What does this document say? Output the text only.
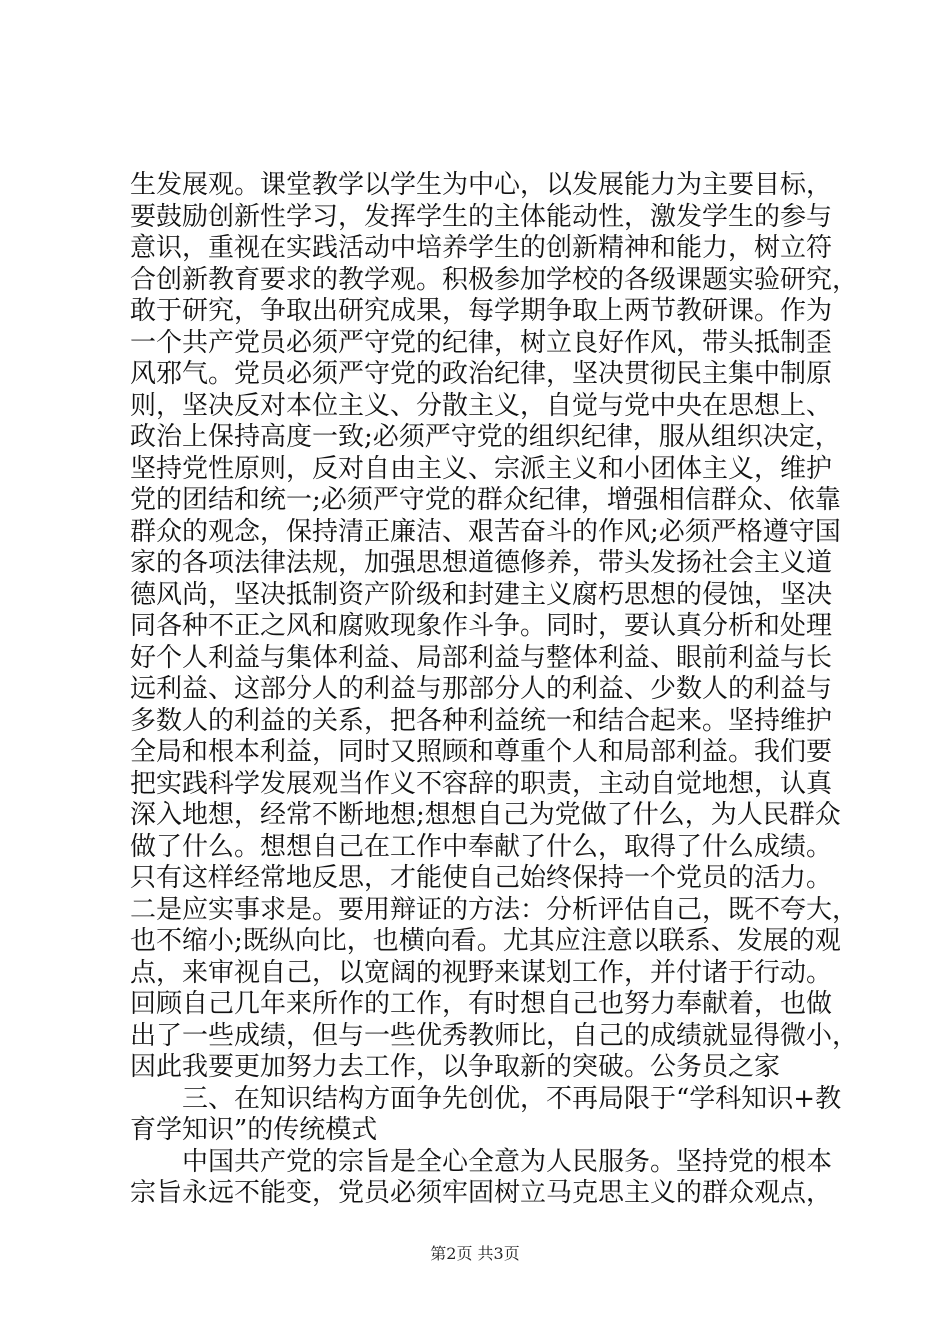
生发展观。课堂教学以学生为中心，以发展能力为主要目标，
要鼓励创新性学习，发挥学生的主体能动性，激发学生的参与
意识，重视在实践活动中培养学生的创新精神和能力，树立符
合创新教育要求的教学观。积极参加学校的各级课题实验研究，
敢于研究，争取出研究成果，每学期争取上两节教研课。作为
一个共产党员必须严守党的纪律，树立良好作风，带头抵制歪
风邪气。党员必须严守党的政治纪律，坚决贯彻民主集中制原
则，坚决反对本位主义、分散主义，自觉与党中央在思想上、
政治上保持高度一致;必须严守党的组织纪律，服从组织决定，
坚持党性原则，反对自由主义、宗派主义和小团体主义，维护
党的团结和统一;必须严守党的群众纪律，增强相信群众、依靠
群众的观念，保持清正廉洁、艰苦奋斗的作风;必须严格遵守国
家的各项法律法规，加强思想道德修养，带头发扬社会主义道
德风尚，坚决抵制资产阶级和封建主义腐朽思想的侵蚀，坚决
同各种不正之风和腐败现象作斗争。同时，要认真分析和处理
好个人利益与集体利益、局部利益与整体利益、眼前利益与长
远利益、这部分人的利益与那部分人的利益、少数人的利益与
多数人的利益的关系，把各种利益统一和结合起来。坚持维护
全局和根本利益，同时又照顾和尊重个人和局部利益。我们要
把实践科学发展观当作义不容辞的职责，主动自觉地想，认真
深入地想，经常不断地想;想想自己为党做了什么，为人民群众
做了什么。想想自己在工作中奉献了什么，取得了什么成绩。
只有这样经常地反思，才能使自己始终保持一个党员的活力。
二是应实事求是。要用辩证的方法：分析评估自己，既不夸大，
也不缩小;既纵向比，也横向看。尤其应注意以联系、发展的观
点，来审视自己，以宽阔的视野来谋划工作，并付诸于行动。
回顾自己几年来所作的工作，有时想自己也努力奉献着，也做
出了一些成绩，但与一些优秀教师比，自己的成绩就显得微小，
因此我要更加努力去工作，以争取新的突破。公务员之家
三、在知识结构方面争先创优，不再局限于“学科知识+教
育学知识”的传统模式
中国共产党的宗旨是全心全意为人民服务。坚持党的根本
宗旨永远不能变，党员必须牢固树立马克思主义的群众观点，
第2页 共3页
